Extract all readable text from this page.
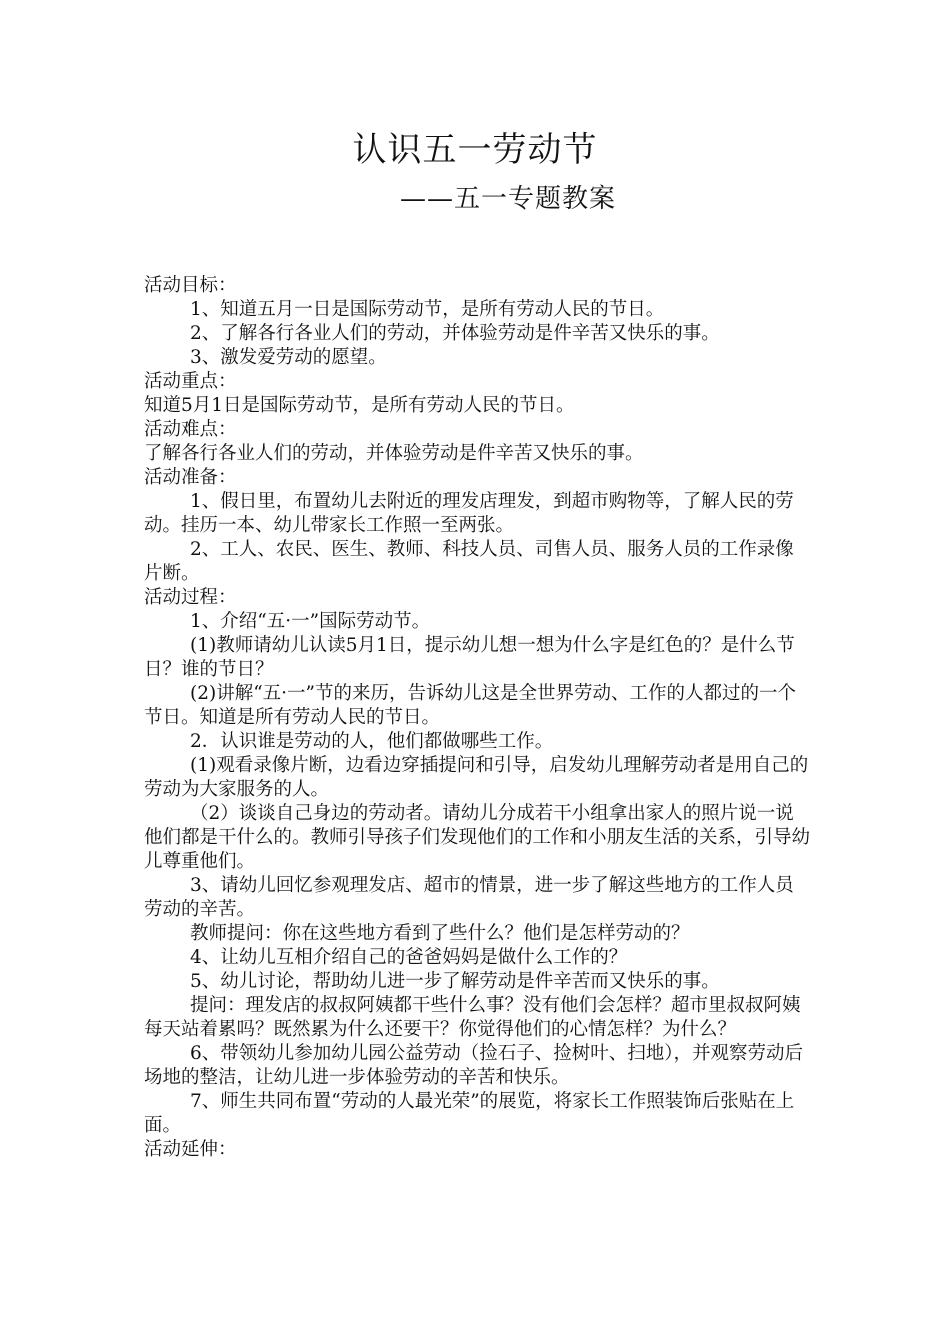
认识五一劳动节
——五一专题教案

活动目标：

1、知道五月一日是国际劳动节，是所有劳动人民的节日。

2、了解各行各业人们的劳动，并体验劳动是件辛苦又快乐的事。

3、激发爱劳动的愿望。

活动重点：

知道5月1日是国际劳动节，是所有劳动人民的节日。

活动难点：

了解各行各业人们的劳动，并体验劳动是件辛苦又快乐的事。

活动准备：

1、假日里，布置幼儿去附近的理发店理发，到超市购物等，了解人民的劳动。挂历一本、幼儿带家长工作照一至两张。

2、工人、农民、医生、教师、科技人员、司售人员、服务人员的工作录像片断。

活动过程：

1、介绍“五·一”国际劳动节。

(1)教师请幼儿认读5月1日，提示幼儿想一想为什么字是红色的？是什么节日？谁的节日？

(2)讲解“五·一”节的来历，告诉幼儿这是全世界劳动、工作的人都过的一个节日。知道是所有劳动人民的节日。

2．认识谁是劳动的人，他们都做哪些工作。

(1)观看录像片断，边看边穿插提问和引导，启发幼儿理解劳动者是用自己的劳动为大家服务的人。

（2）谈谈自己身边的劳动者。请幼儿分成若干小组拿出家人的照片说一说他们都是干什么的。教师引导孩子们发现他们的工作和小朋友生活的关系，引导幼儿尊重他们。

3、请幼儿回忆参观理发店、超市的情景，进一步了解这些地方的工作人员劳动的辛苦。

教师提问：你在这些地方看到了些什么？他们是怎样劳动的？

4、让幼儿互相介绍自己的爸爸妈妈是做什么工作的？

5、幼儿讨论，帮助幼儿进一步了解劳动是件辛苦而又快乐的事。

提问：理发店的叔叔阿姨都干些什么事？没有他们会怎样？超市里叔叔阿姨每天站着累吗？既然累为什么还要干？你觉得他们的心情怎样？为什么？

6、带领幼儿参加幼儿园公益劳动（捡石子、捡树叶、扫地），并观察劳动后场地的整洁，让幼儿进一步体验劳动的辛苦和快乐。

7、师生共同布置“劳动的人最光荣”的展览，将家长工作照装饰后张贴在上面。

活动延伸：
